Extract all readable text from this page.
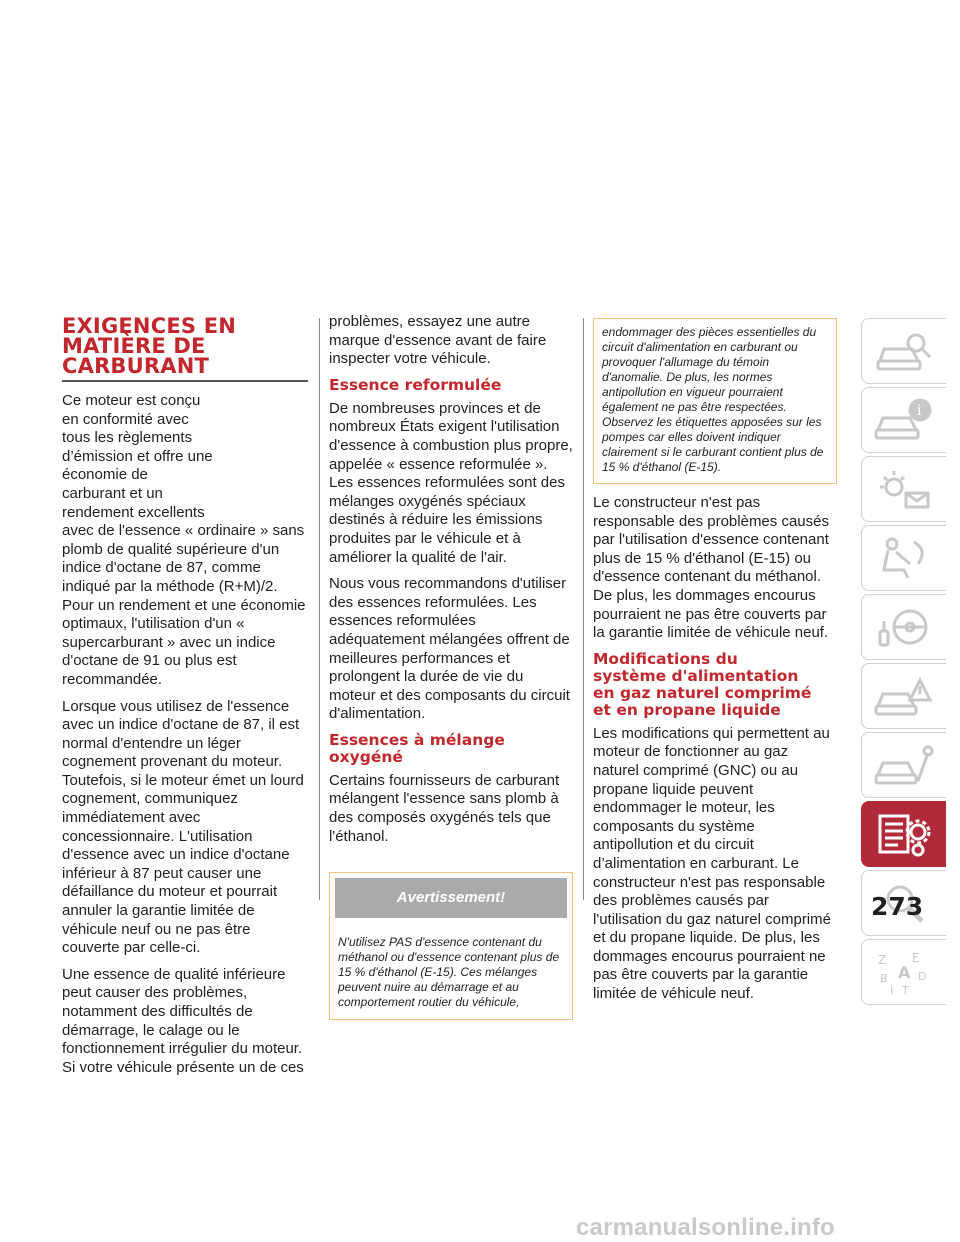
EXIGENCES EN
MATIÈRE DE
CARBURANT

Ce moteur est conçu
en conformité avec
tous les règlements
d’émission et offre une
économie de
carburant et un
rendement excellents

avec de l'essence « ordinaire » sans plomb de qualité supérieure d'un indice d'octane de 87, comme indiqué par la méthode (R+M)/2. Pour un rendement et une économie optimaux, l'utilisation d'un « supercarburant » avec un indice d'octane de 91 ou plus est recommandée.

Lorsque vous utilisez de l'essence avec un indice d'octane de 87, il est normal d'entendre un léger cognement provenant du moteur. Toutefois, si le moteur émet un lourd cognement, communiquez immédiatement avec concessionnaire. L'utilisation d'essence avec un indice d'octane inférieur à 87 peut causer une défaillance du moteur et pourrait annuler la garantie limitée de véhicule neuf ou ne pas être couverte par celle-ci.

Une essence de qualité inférieure peut causer des problèmes, notamment des difficultés de démarrage, le calage ou le fonctionnement irrégulier du moteur. Si votre véhicule présente un de ces

problèmes, essayez une autre marque d'essence avant de faire inspecter votre véhicule.

Essence reformulée

De nombreuses provinces et de nombreux États exigent l'utilisation d'essence à combustion plus propre, appelée « essence reformulée ». Les essences reformulées sont des mélanges oxygénés spéciaux destinés à réduire les émissions produites par le véhicule et à améliorer la qualité de l'air.

Nous vous recommandons d'utiliser des essences reformulées. Les essences reformulées adéquatement mélangées offrent de meilleures performances et prolongent la durée de vie du moteur et des composants du circuit d'alimentation.

Essences à mélange
oxygéné

Certains fournisseurs de carburant mélangent l'essence sans plomb à des composés oxygénés tels que l'éthanol.

Avertissement!
N'utilisez PAS d'essence contenant du méthanol ou d'essence contenant plus de 15 % d'éthanol (E-15). Ces mélanges peuvent nuire au démarrage et au comportement routier du véhicule,
endommager des pièces essentielles du circuit d'alimentation en carburant ou provoquer l'allumage du témoin d'anomalie. De plus, les normes antipollution en vigueur pourraient également ne pas être respectées. Observez les étiquettes apposées sur les pompes car elles doivent indiquer clairement si le carburant contient plus de 15 % d'éthanol (E-15).

Le constructeur n'est pas responsable des problèmes causés par l'utilisation d'essence contenant plus de 15 % d'éthanol (E-15) ou d'essence contenant du méthanol. De plus, les dommages encourus pourraient ne pas être couverts par la garantie limitée de véhicule neuf.

Modifications du
système d'alimentation
en gaz naturel comprimé
et en propane liquide

Les modifications qui permettent au moteur de fonctionner au gaz naturel comprimé (GNC) ou au propane liquide peuvent endommager le moteur, les composants du système antipollution et du circuit d’alimentation en carburant. Le constructeur n'est pas responsable des problèmes causés par l'utilisation du gaz naturel comprimé et du propane liquide. De plus, les dommages encourus pourraient ne pas être couverts par la garantie limitée de véhicule neuf.

i
Z E
A
B	D
I T
273
carmanualsonline.info
